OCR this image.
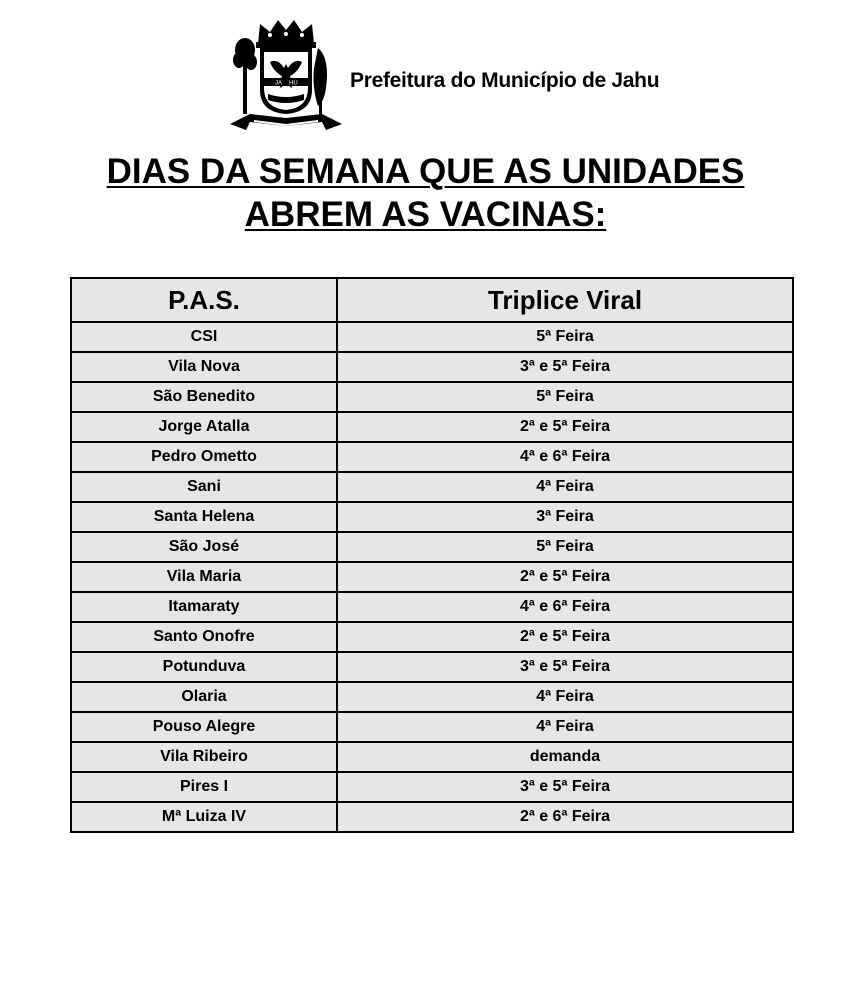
JA HU Prefeitura do Município de Jahu
DIAS DA SEMANA QUE AS UNIDADES
ABREM AS VACINAS:
P.A.S.	Triplice Viral
CSI	5ª Feira
Vila Nova	3ª e 5ª Feira
São Benedito	5ª Feira
Jorge Atalla	2ª e 5ª Feira
Pedro Ometto	4ª e 6ª Feira
Sani	4ª Feira
Santa Helena	3ª Feira
São José	5ª Feira
Vila Maria	2ª e 5ª Feira
Itamaraty	4ª e 6ª Feira
Santo Onofre	2ª e 5ª Feira
Potunduva	3ª e 5ª Feira
Olaria	4ª Feira
Pouso Alegre	4ª Feira
Vila Ribeiro	demanda
Pires I	3ª e 5ª Feira
Mª Luiza IV	2ª e 6ª Feira
